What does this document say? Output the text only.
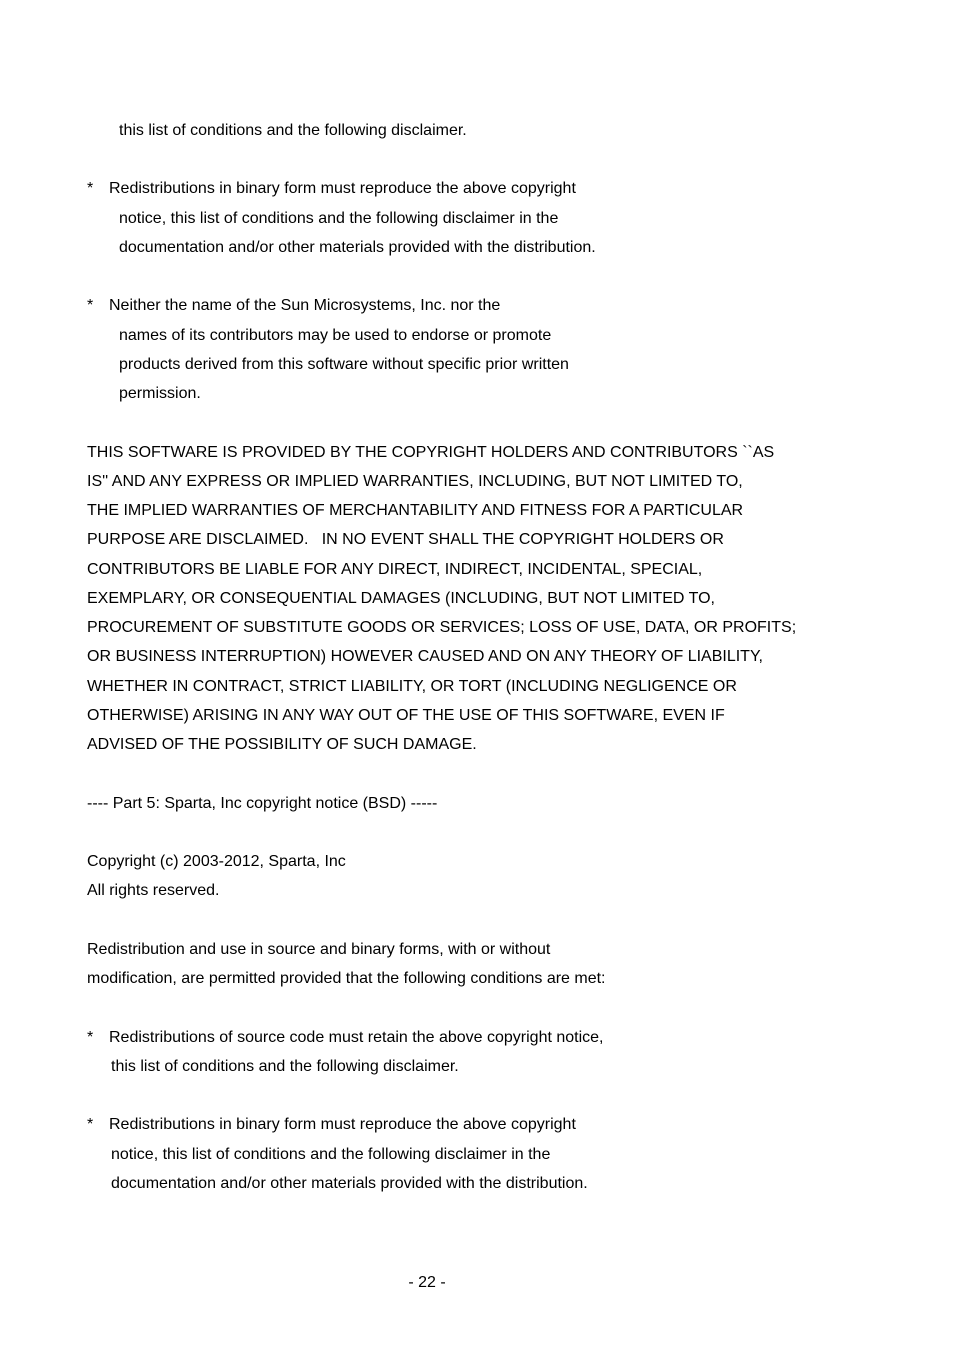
this list of conditions and the following disclaimer.
* Redistributions in binary form must reproduce the above copyright
notice, this list of conditions and the following disclaimer in the
documentation and/or other materials provided with the distribution.
* Neither the name of the Sun Microsystems, Inc. nor the
names of its contributors may be used to endorse or promote
products derived from this software without specific prior written
permission.
THIS SOFTWARE IS PROVIDED BY THE COPYRIGHT HOLDERS AND CONTRIBUTORS ``AS
IS'' AND ANY EXPRESS OR IMPLIED WARRANTIES, INCLUDING, BUT NOT LIMITED TO,
THE IMPLIED WARRANTIES OF MERCHANTABILITY AND FITNESS FOR A PARTICULAR
PURPOSE ARE DISCLAIMED.   IN NO EVENT SHALL THE COPYRIGHT HOLDERS OR
CONTRIBUTORS BE LIABLE FOR ANY DIRECT, INDIRECT, INCIDENTAL, SPECIAL,
EXEMPLARY, OR CONSEQUENTIAL DAMAGES (INCLUDING, BUT NOT LIMITED TO,
PROCUREMENT OF SUBSTITUTE GOODS OR SERVICES; LOSS OF USE, DATA, OR PROFITS;
OR BUSINESS INTERRUPTION) HOWEVER CAUSED AND ON ANY THEORY OF LIABILITY,
WHETHER IN CONTRACT, STRICT LIABILITY, OR TORT (INCLUDING NEGLIGENCE OR
OTHERWISE) ARISING IN ANY WAY OUT OF THE USE OF THIS SOFTWARE, EVEN IF
ADVISED OF THE POSSIBILITY OF SUCH DAMAGE.
---- Part 5: Sparta, Inc copyright notice (BSD) -----
Copyright (c) 2003-2012, Sparta, Inc
All rights reserved.
Redistribution and use in source and binary forms, with or without
modification, are permitted provided that the following conditions are met:
* Redistributions of source code must retain the above copyright notice,
this list of conditions and the following disclaimer.
* Redistributions in binary form must reproduce the above copyright
notice, this list of conditions and the following disclaimer in the
documentation and/or other materials provided with the distribution.
- 22 -
